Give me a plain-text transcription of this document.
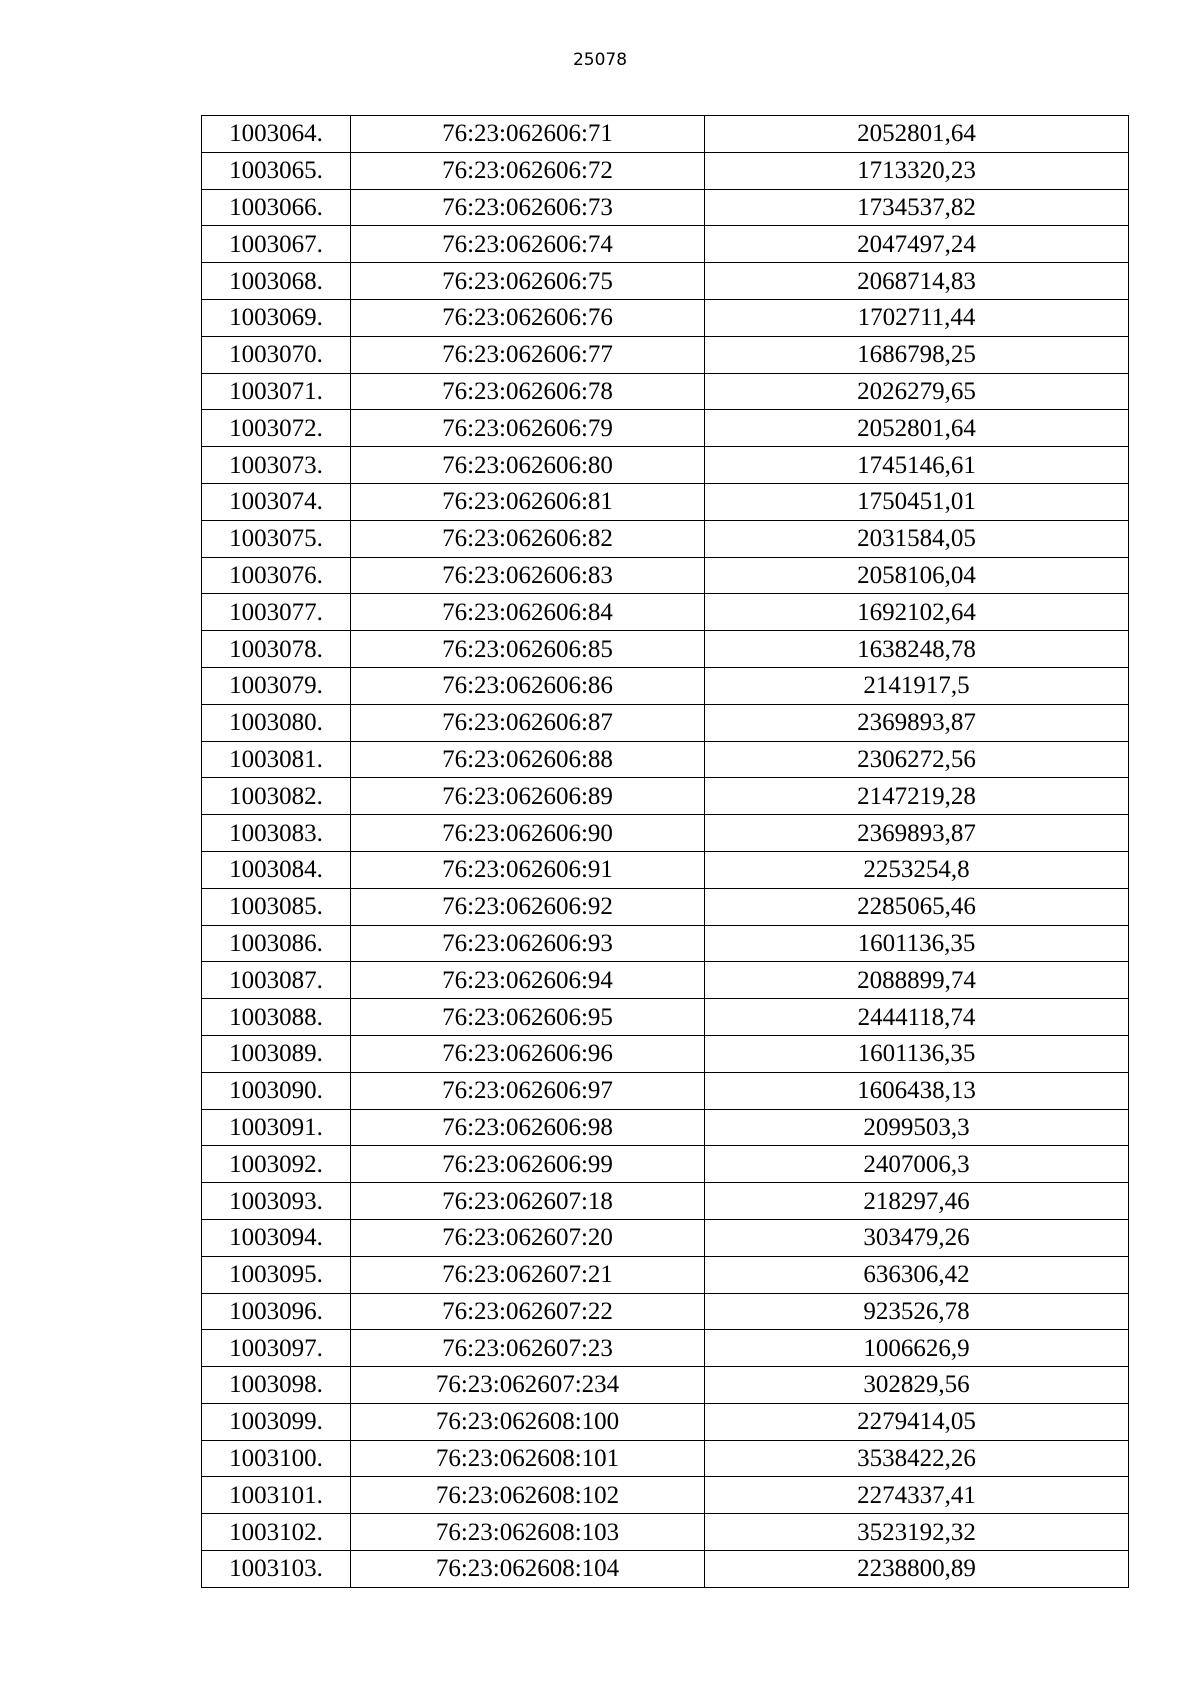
25078
1003064.	76:23:062606:71	2052801,64
1003065.	76:23:062606:72	1713320,23
1003066.	76:23:062606:73	1734537,82
1003067.	76:23:062606:74	2047497,24
1003068.	76:23:062606:75	2068714,83
1003069.	76:23:062606:76	1702711,44
1003070.	76:23:062606:77	1686798,25
1003071.	76:23:062606:78	2026279,65
1003072.	76:23:062606:79	2052801,64
1003073.	76:23:062606:80	1745146,61
1003074.	76:23:062606:81	1750451,01
1003075.	76:23:062606:82	2031584,05
1003076.	76:23:062606:83	2058106,04
1003077.	76:23:062606:84	1692102,64
1003078.	76:23:062606:85	1638248,78
1003079.	76:23:062606:86	2141917,5
1003080.	76:23:062606:87	2369893,87
1003081.	76:23:062606:88	2306272,56
1003082.	76:23:062606:89	2147219,28
1003083.	76:23:062606:90	2369893,87
1003084.	76:23:062606:91	2253254,8
1003085.	76:23:062606:92	2285065,46
1003086.	76:23:062606:93	1601136,35
1003087.	76:23:062606:94	2088899,74
1003088.	76:23:062606:95	2444118,74
1003089.	76:23:062606:96	1601136,35
1003090.	76:23:062606:97	1606438,13
1003091.	76:23:062606:98	2099503,3
1003092.	76:23:062606:99	2407006,3
1003093.	76:23:062607:18	218297,46
1003094.	76:23:062607:20	303479,26
1003095.	76:23:062607:21	636306,42
1003096.	76:23:062607:22	923526,78
1003097.	76:23:062607:23	1006626,9
1003098.	76:23:062607:234	302829,56
1003099.	76:23:062608:100	2279414,05
1003100.	76:23:062608:101	3538422,26
1003101.	76:23:062608:102	2274337,41
1003102.	76:23:062608:103	3523192,32
1003103.	76:23:062608:104	2238800,89
